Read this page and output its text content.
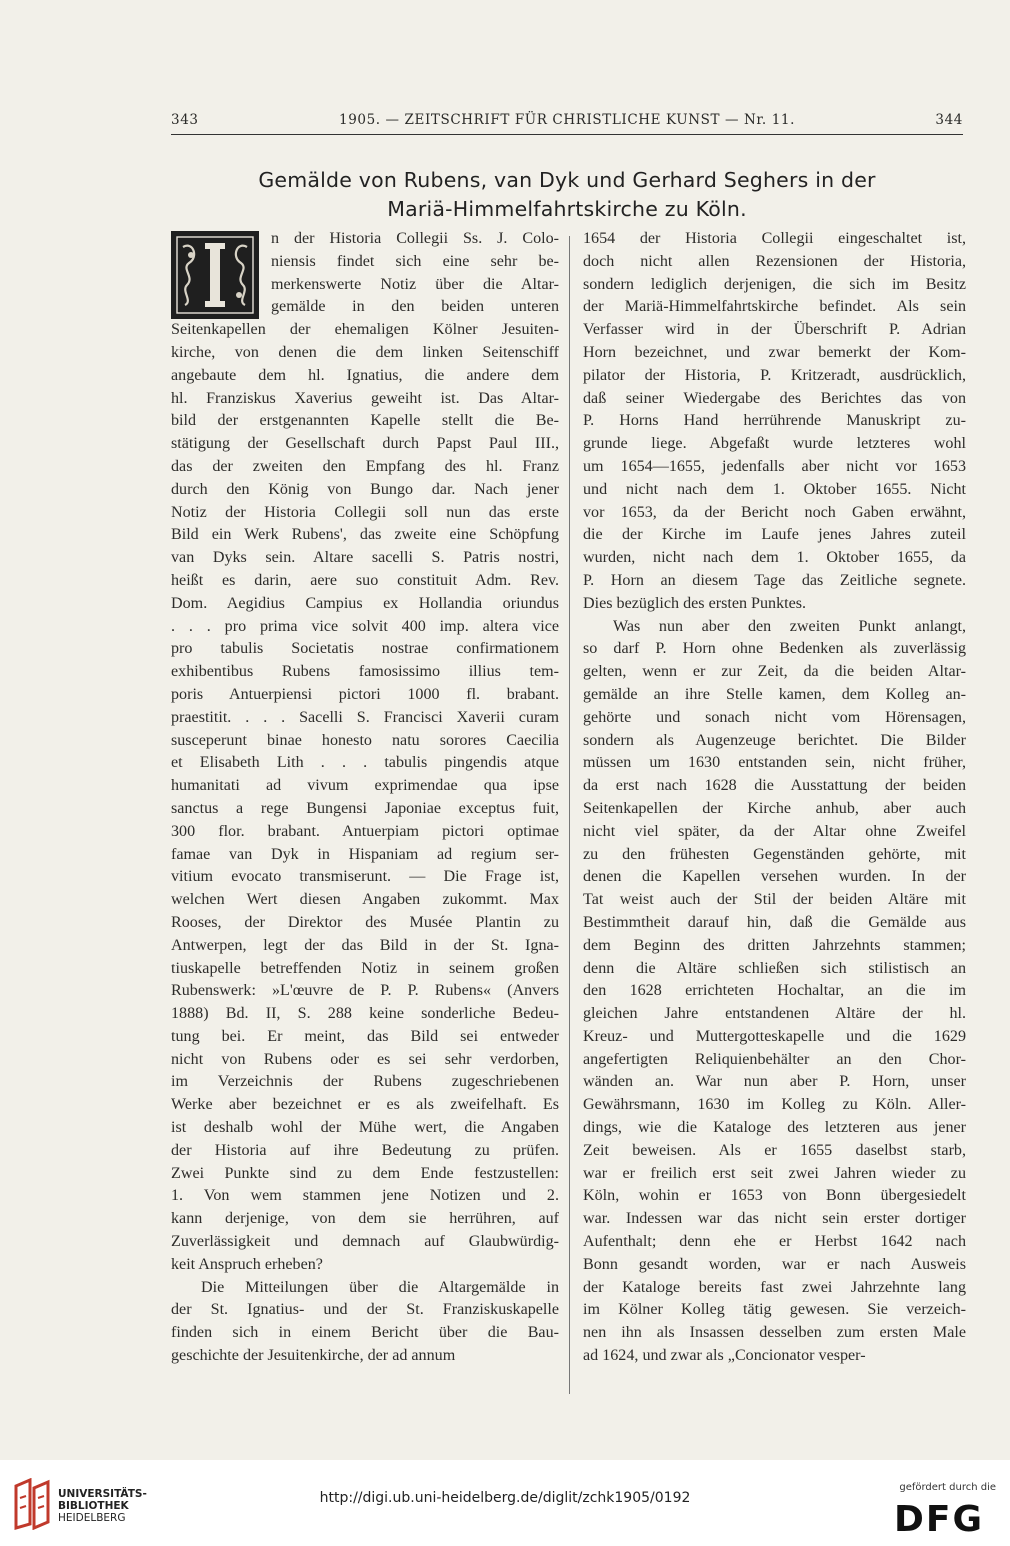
343	1905. — ZEITSCHRIFT FÜR CHRISTLICHE KUNST — Nr. 11.	344
Gemälde von Rubens, van Dyk und Gerhard Seghers in der
Mariä-Himmelfahrtskirche zu Köln.
n der Historia Collegii Ss. J. Colo-
niensis findet sich eine sehr be-
merkenswerte Notiz über die Altar-
gemälde in den beiden unteren
Seitenkapellen der ehemaligen Kölner Jesuiten-
kirche, von denen die dem linken Seitenschiff
angebaute dem hl. Ignatius, die andere dem
hl. Franziskus Xaverius geweiht ist. Das Altar-
bild der erstgenannten Kapelle stellt die Be-
stätigung der Gesellschaft durch Papst Paul III.,
das der zweiten den Empfang des hl. Franz
durch den König von Bungo dar. Nach jener
Notiz der Historia Collegii soll nun das erste
Bild ein Werk Rubens', das zweite eine Schöpfung
van Dyks sein. Altare sacelli S. Patris nostri,
heißt es darin, aere suo constituit Adm. Rev.
Dom. Aegidius Campius ex Hollandia oriundus
. . . pro prima vice solvit 400 imp. altera vice
pro tabulis Societatis nostrae confirmationem
exhibentibus Rubens famosissimo illius tem-
poris Antuerpiensi pictori 1000 fl. brabant.
praestitit. . . . Sacelli S. Francisci Xaverii curam
susceperunt binae honesto natu sorores Caecilia
et Elisabeth Lith . . . tabulis pingendis atque
humanitati ad vivum exprimendae qua ipse
sanctus a rege Bungensi Japoniae exceptus fuit,
300 flor. brabant. Antuerpiam pictori optimae
famae van Dyk in Hispaniam ad regium ser-
vitium evocato transmiserunt. — Die Frage ist,
welchen Wert diesen Angaben zukommt. Max
Rooses, der Direktor des Musée Plantin zu
Antwerpen, legt der das Bild in der St. Igna-
tiuskapelle betreffenden Notiz in seinem großen
Rubenswerk: »L'œuvre de P. P. Rubens« (Anvers
1888) Bd. II, S. 288 keine sonderliche Bedeu-
tung bei. Er meint, das Bild sei entweder
nicht von Rubens oder es sei sehr verdorben,
im Verzeichnis der Rubens zugeschriebenen
Werke aber bezeichnet er es als zweifelhaft. Es
ist deshalb wohl der Mühe wert, die Angaben
der Historia auf ihre Bedeutung zu prüfen.
Zwei Punkte sind zu dem Ende festzustellen:
1. Von wem stammen jene Notizen und 2.
kann derjenige, von dem sie herrühren, auf
Zuverlässigkeit und demnach auf Glaubwürdig-
keit Anspruch erheben?
Die Mitteilungen über die Altargemälde in
der St. Ignatius- und der St. Franziskuskapelle
finden sich in einem Bericht über die Bau-
geschichte der Jesuitenkirche, der ad annum
1654 der Historia Collegii eingeschaltet ist,
doch nicht allen Rezensionen der Historia,
sondern lediglich derjenigen, die sich im Besitz
der Mariä-Himmelfahrtskirche befindet. Als sein
Verfasser wird in der Überschrift P. Adrian
Horn bezeichnet, und zwar bemerkt der Kom-
pilator der Historia, P. Kritzeradt, ausdrücklich,
daß seiner Wiedergabe des Berichtes das von
P. Horns Hand herrührende Manuskript zu-
grunde liege. Abgefaßt wurde letzteres wohl
um 1654—1655, jedenfalls aber nicht vor 1653
und nicht nach dem 1. Oktober 1655. Nicht
vor 1653, da der Bericht noch Gaben erwähnt,
die der Kirche im Laufe jenes Jahres zuteil
wurden, nicht nach dem 1. Oktober 1655, da
P. Horn an diesem Tage das Zeitliche segnete.
Dies bezüglich des ersten Punktes.
Was nun aber den zweiten Punkt anlangt,
so darf P. Horn ohne Bedenken als zuverlässig
gelten, wenn er zur Zeit, da die beiden Altar-
gemälde an ihre Stelle kamen, dem Kolleg an-
gehörte und sonach nicht vom Hörensagen,
sondern als Augenzeuge berichtet. Die Bilder
müssen um 1630 entstanden sein, nicht früher,
da erst nach 1628 die Ausstattung der beiden
Seitenkapellen der Kirche anhub, aber auch
nicht viel später, da der Altar ohne Zweifel
zu den frühesten Gegenständen gehörte, mit
denen die Kapellen versehen wurden. In der
Tat weist auch der Stil der beiden Altäre mit
Bestimmtheit darauf hin, daß die Gemälde aus
dem Beginn des dritten Jahrzehnts stammen;
denn die Altäre schließen sich stilistisch an
den 1628 errichteten Hochaltar, an die im
gleichen Jahre entstandenen Altäre der hl.
Kreuz- und Muttergotteskapelle und die 1629
angefertigten Reliquienbehälter an den Chor-
wänden an. War nun aber P. Horn, unser
Gewährsmann, 1630 im Kolleg zu Köln. Aller-
dings, wie die Kataloge des letzteren aus jener
Zeit beweisen. Als er 1655 daselbst starb,
war er freilich erst seit zwei Jahren wieder zu
Köln, wohin er 1653 von Bonn übergesiedelt
war. Indessen war das nicht sein erster dortiger
Aufenthalt; denn ehe er Herbst 1642 nach
Bonn gesandt worden, war er nach Ausweis
der Kataloge bereits fast zwei Jahrzehnte lang
im Kölner Kolleg tätig gewesen. Sie verzeich-
nen ihn als Insassen desselben zum ersten Male
ad 1624, und zwar als „Concionator vesper-
UNIVERSITÄTS-
BIBLIOTHEK
HEIDELBERG
http://digi.ub.uni-heidelberg.de/diglit/zchk1905/0192
gefördert durch die
DFG
